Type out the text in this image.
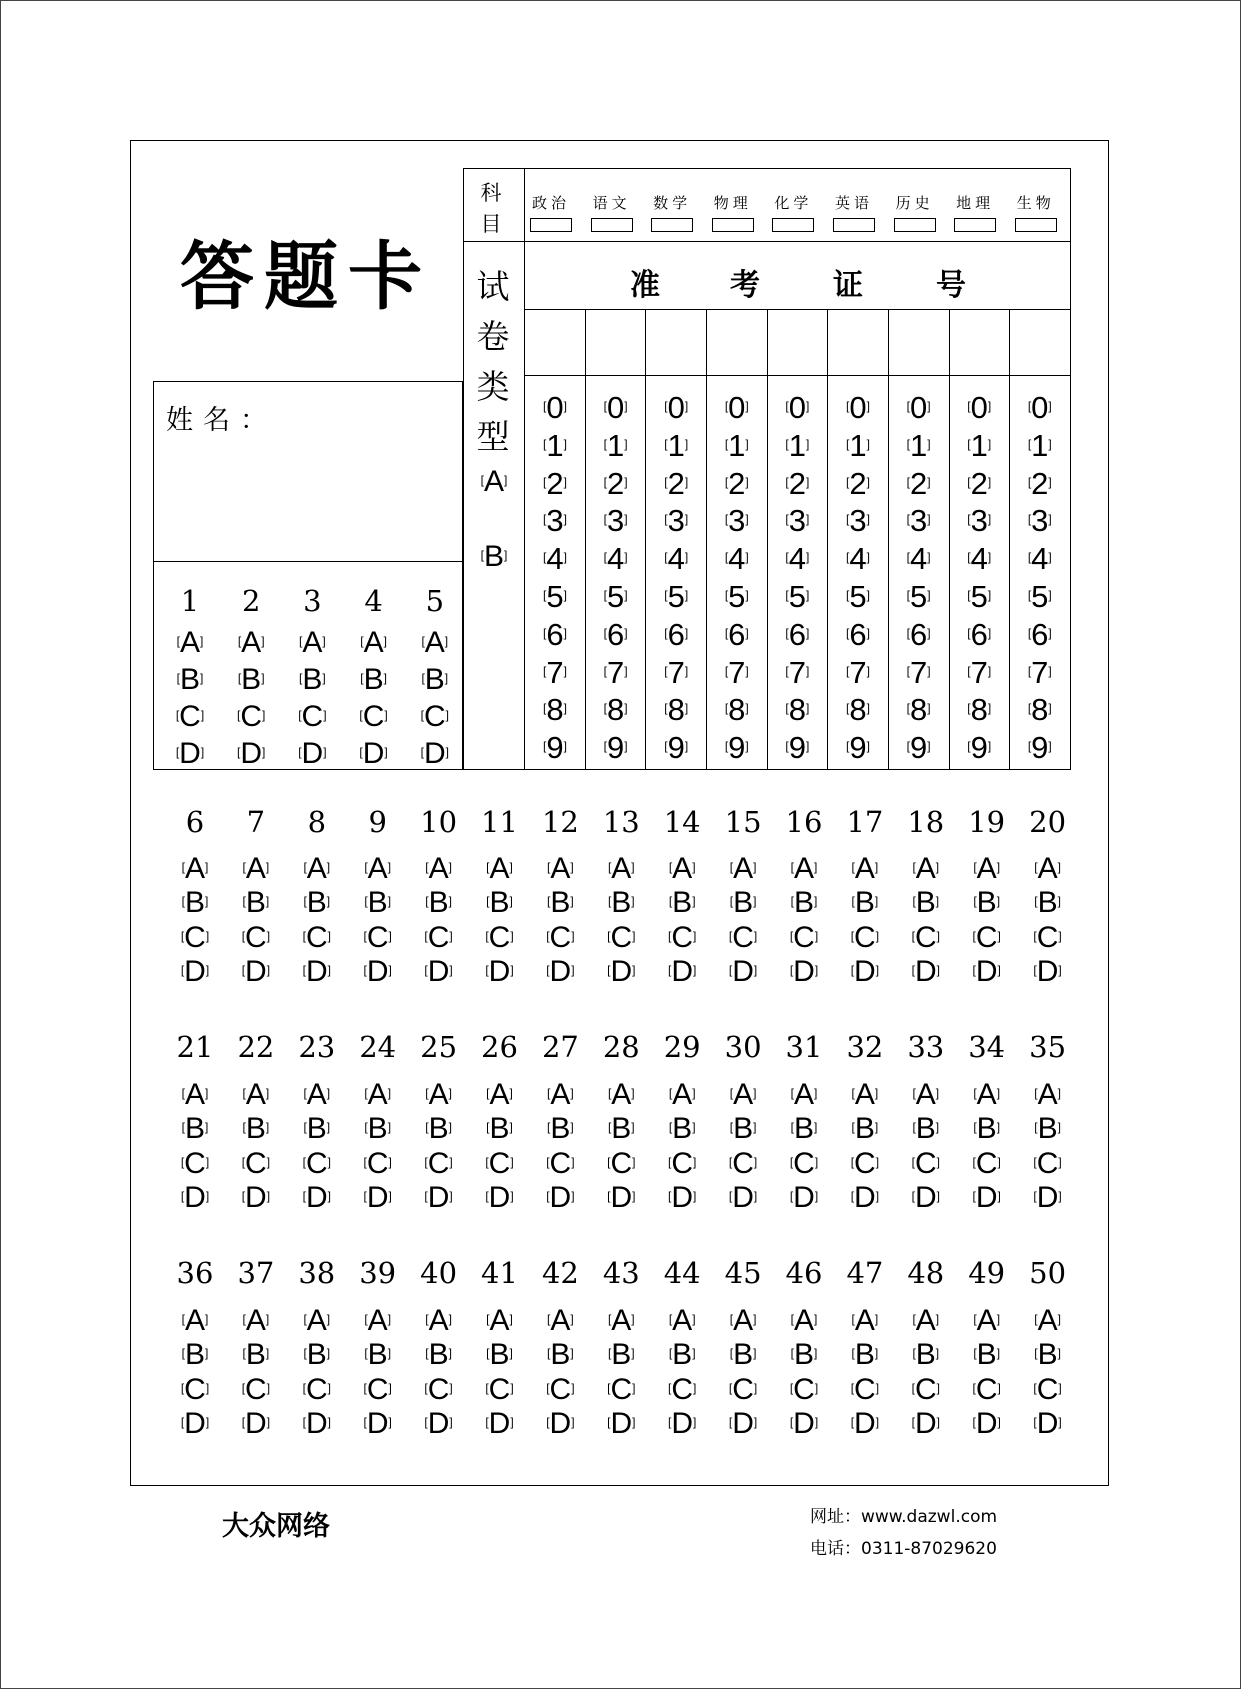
答题卡
姓名：
科
目
政治	语文	数学	物理	化学	英语	历史	地理	生物
试
卷
类
型
[A]
[B]
准 考 证 号
[0]
[1]
[2]
[3]
[4]
[5]
[6]
[7]
[8]
[9]
[0]
[1]
[2]
[3]
[4]
[5]
[6]
[7]
[8]
[9]
[0]
[1]
[2]
[3]
[4]
[5]
[6]
[7]
[8]
[9]
[0]
[1]
[2]
[3]
[4]
[5]
[6]
[7]
[8]
[9]
[0]
[1]
[2]
[3]
[4]
[5]
[6]
[7]
[8]
[9]
[0]
[1]
[2]
[3]
[4]
[5]
[6]
[7]
[8]
[9]
[0]
[1]
[2]
[3]
[4]
[5]
[6]
[7]
[8]
[9]
[0]
[1]
[2]
[3]
[4]
[5]
[6]
[7]
[8]
[9]
[0]
[1]
[2]
[3]
[4]
[5]
[6]
[7]
[8]
[9]
1
[A]
[B]
[C]
[D]
2
[A]
[B]
[C]
[D]
3
[A]
[B]
[C]
[D]
4
[A]
[B]
[C]
[D]
5
[A]
[B]
[C]
[D]
6
[A]
[B]
[C]
[D]
7
[A]
[B]
[C]
[D]
8
[A]
[B]
[C]
[D]
9
[A]
[B]
[C]
[D]
10
[A]
[B]
[C]
[D]
11
[A]
[B]
[C]
[D]
12
[A]
[B]
[C]
[D]
13
[A]
[B]
[C]
[D]
14
[A]
[B]
[C]
[D]
15
[A]
[B]
[C]
[D]
16
[A]
[B]
[C]
[D]
17
[A]
[B]
[C]
[D]
18
[A]
[B]
[C]
[D]
19
[A]
[B]
[C]
[D]
20
[A]
[B]
[C]
[D]
21
[A]
[B]
[C]
[D]
22
[A]
[B]
[C]
[D]
23
[A]
[B]
[C]
[D]
24
[A]
[B]
[C]
[D]
25
[A]
[B]
[C]
[D]
26
[A]
[B]
[C]
[D]
27
[A]
[B]
[C]
[D]
28
[A]
[B]
[C]
[D]
29
[A]
[B]
[C]
[D]
30
[A]
[B]
[C]
[D]
31
[A]
[B]
[C]
[D]
32
[A]
[B]
[C]
[D]
33
[A]
[B]
[C]
[D]
34
[A]
[B]
[C]
[D]
35
[A]
[B]
[C]
[D]
36
[A]
[B]
[C]
[D]
37
[A]
[B]
[C]
[D]
38
[A]
[B]
[C]
[D]
39
[A]
[B]
[C]
[D]
40
[A]
[B]
[C]
[D]
41
[A]
[B]
[C]
[D]
42
[A]
[B]
[C]
[D]
43
[A]
[B]
[C]
[D]
44
[A]
[B]
[C]
[D]
45
[A]
[B]
[C]
[D]
46
[A]
[B]
[C]
[D]
47
[A]
[B]
[C]
[D]
48
[A]
[B]
[C]
[D]
49
[A]
[B]
[C]
[D]
50
[A]
[B]
[C]
[D]
大众网络	网址：www.dazwl.com
电话：0311-87029620
